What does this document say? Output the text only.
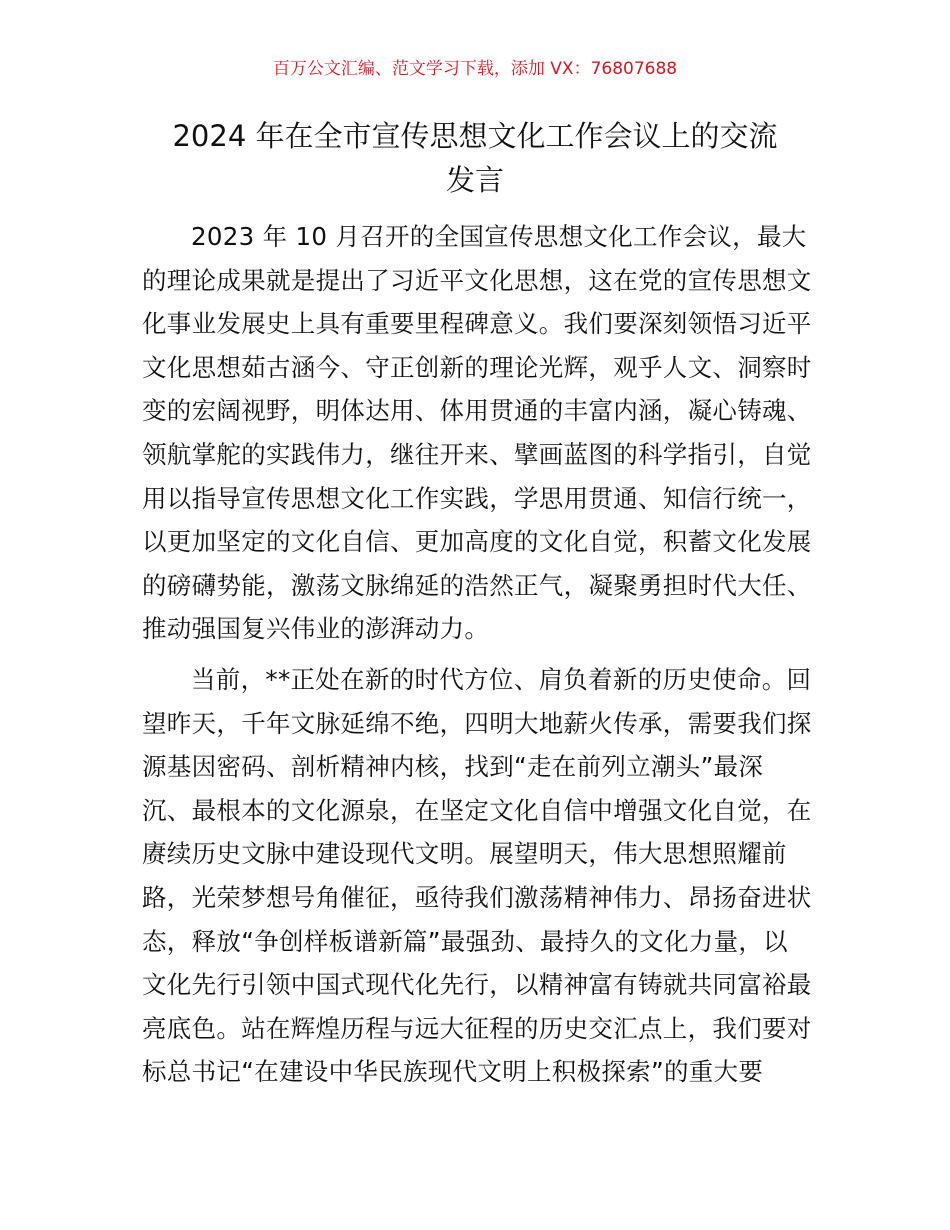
百万公文汇编、范文学习下载，添加 VX：76807688
2024 年在全市宣传思想文化工作会议上的交流
发言

2023 年 10 月召开的全国宣传思想文化工作会议，最大
的理论成果就是提出了习近平文化思想，这在党的宣传思想文
化事业发展史上具有重要里程碑意义。我们要深刻领悟习近平
文化思想茹古涵今、守正创新的理论光辉，观乎人文、洞察时
变的宏阔视野，明体达用、体用贯通的丰富内涵，凝心铸魂、
领航掌舵的实践伟力，继往开来、擘画蓝图的科学指引，自觉
用以指导宣传思想文化工作实践，学思用贯通、知信行统一，
以更加坚定的文化自信、更加高度的文化自觉，积蓄文化发展
的磅礴势能，激荡文脉绵延的浩然正气，凝聚勇担时代大任、
推动强国复兴伟业的澎湃动力。

当前，**正处在新的时代方位、肩负着新的历史使命。回
望昨天，千年文脉延绵不绝，四明大地薪火传承，需要我们探
源基因密码、剖析精神内核，找到“走在前列立潮头”最深
沉、最根本的文化源泉，在坚定文化自信中增强文化自觉，在
赓续历史文脉中建设现代文明。展望明天，伟大思想照耀前
路，光荣梦想号角催征，亟待我们激荡精神伟力、昂扬奋进状
态，释放“争创样板谱新篇”最强劲、最持久的文化力量，以
文化先行引领中国式现代化先行，以精神富有铸就共同富裕最
亮底色。站在辉煌历程与远大征程的历史交汇点上，我们要对
标总书记“在建设中华民族现代文明上积极探索”的重大要
